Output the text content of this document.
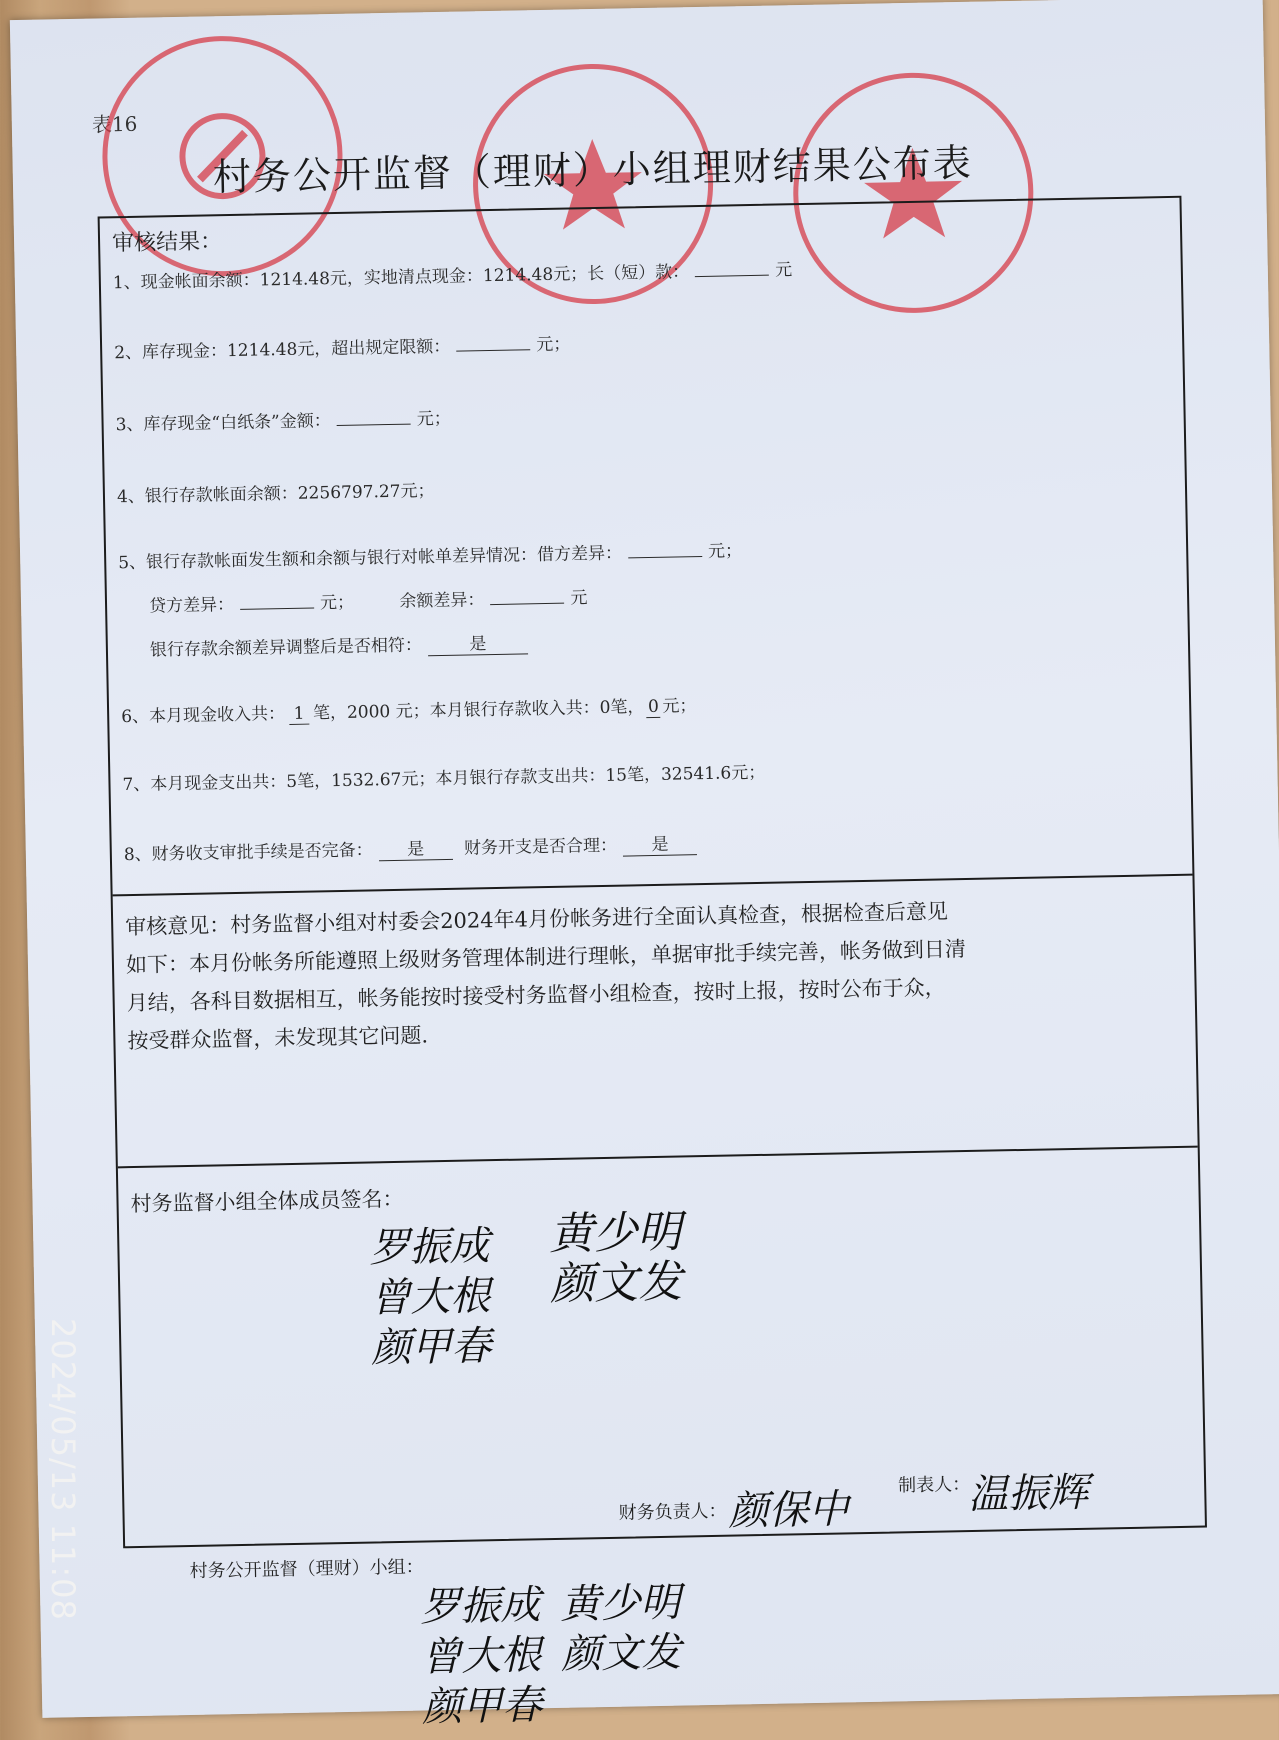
表16
村务公开监督（理财）小组理财结果公布表
审核结果：
1、现金帐面余额：1214.48元，实地清点现金：1214.48元；长（短）款：	元
2、库存现金：1214.48元，超出规定限额：	元；
3、库存现金“白纸条”金额：	元；
4、银行存款帐面余额：2256797.27元；
5、银行存款帐面发生额和余额与银行对帐单差异情况：借方差异：	元；
贷方差异：	元；	余额差异：	元
银行存款余额差异调整后是否相符：	是
6、本月现金收入共： 1 笔，2000 元；本月银行存款收入共：0笔， 0 元；
7、本月现金支出共：5笔，1532.67元；本月银行存款支出共：15笔，32541.6元；
8、财务收支审批手续是否完备： 是 财务开支是否合理： 是

审核意见：村务监督小组对村委会2024年4月份帐务进行全面认真检查，根据检查后意见

如下：本月份帐务所能遵照上级财务管理体制进行理帐，单据审批手续完善，帐务做到日清

月结，各科目数据相互，帐务能按时接受村务监督小组检查，按时上报，按时公布于众，

按受群众监督，未发现其它问题.

村务监督小组全体成员签名：
罗振成
曾大根
颜甲春
黄少明
颜文发
财务负责人： 颜保中
制表人：
温振辉
村务公开监督（理财）小组：
罗振成
曾大根
颜甲春
黄少明
颜文发
2024/05/13 11:08
